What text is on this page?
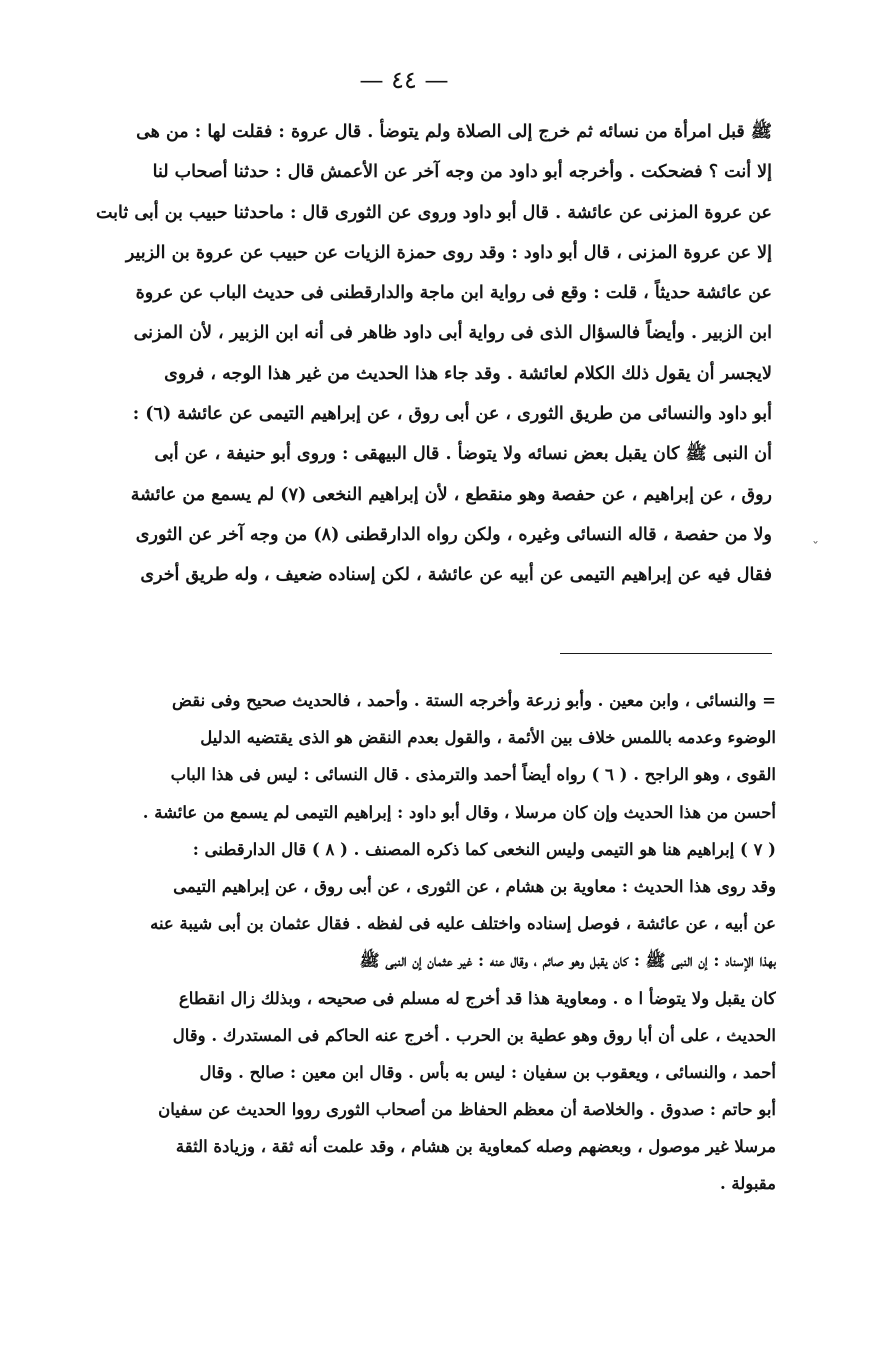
— ٤٤ —
ﷺ قبل امرأة من نسائه ثم خرج إلى الصلاة ولم يتوضأ . قال عروة : فقلت لها : من هى
إلا أنت ؟ فضحكت . وأخرجه أبو داود من وجه آخر عن الأعمش قال : حدثنا أصحاب لنا
عن عروة المزنى عن عائشة . قال أبو داود وروى عن الثورى قال : ماحدثنا حبيب بن أبى ثابت
إلا عن عروة المزنى ، قال أبو داود : وقد روى حمزة الزيات عن حبيب عن عروة بن الزبير
عن عائشة حديثاً ، قلت : وقع فى رواية ابن ماجة والدارقطنى فى حديث الباب عن عروة
ابن الزبير . وأيضاً فالسؤال الذى فى رواية أبى داود ظاهر فى أنه ابن الزبير ، لأن المزنى
لايجسر أن يقول ذلك الكلام لعائشة . وقد جاء هذا الحديث من غير هذا الوجه ، فروى
أبو داود والنسائى من طريق الثورى ، عن أبى روق ، عن إبراهيم التيمى عن عائشة (٦) :
أن النبى ﷺ كان يقبل بعض نسائه ولا يتوضأ . قال البيهقى : وروى أبو حنيفة ، عن أبى
روق ، عن إبراهيم ، عن حفصة وهو منقطع ، لأن إبراهيم النخعى (٧) لم يسمع من عائشة
ولا من حفصة ، قاله النسائى وغيره ، ولكن رواه الدارقطنى (٨) من وجه آخر عن الثورى
فقال فيه عن إبراهيم التيمى عن أبيه عن عائشة ، لكن إسناده ضعيف ، وله طريق أخرى
= والنسائى ، وابن معين . وأبو زرعة وأخرجه الستة . وأحمد ، فالحديث صحيح وفى نقض
الوضوء وعدمه باللمس خلاف بين الأئمة ، والقول بعدم النقض هو الذى يقتضيه الدليل
القوى ، وهو الراجح . ( ٦ ) رواه أيضاً أحمد والترمذى . قال النسائى : ليس فى هذا الباب
أحسن من هذا الحديث وإن كان مرسلا ، وقال أبو داود : إبراهيم التيمى لم يسمع من عائشة .
( ٧ ) إبراهيم هنا هو التيمى وليس النخعى كما ذكره المصنف . ( ٨ ) قال الدارقطنى :
وقد روى هذا الحديث : معاوية بن هشام ، عن الثورى ، عن أبى روق ، عن إبراهيم التيمى
عن أبيه ، عن عائشة ، فوصل إسناده واختلف عليه فى لفظه . فقال عثمان بن أبى شيبة عنه
بهذا الإسناد : إن النبى ﷺ : كان يقبل وهو صائم ، وقال عنه : غير عثمان إن النبى ﷺ
كان يقبل ولا يتوضأ ا ه . ومعاوية هذا قد أخرج له مسلم فى صحيحه ، وبذلك زال انقطاع
الحديث ، على أن أبا روق وهو عطية بن الحرب . أخرج عنه الحاكم فى المستدرك . وقال
أحمد ، والنسائى ، ويعقوب بن سفيان : ليس به بأس . وقال ابن معين : صالح . وقال
أبو حاتم : صدوق . والخلاصة أن معظم الحفاظ من أصحاب الثورى رووا الحديث عن سفيان
مرسلا غير موصول ، وبعضهم وصله كمعاوية بن هشام ، وقد علمت أنه ثقة ، وزيادة الثقة
مقبولة .
ˇ
